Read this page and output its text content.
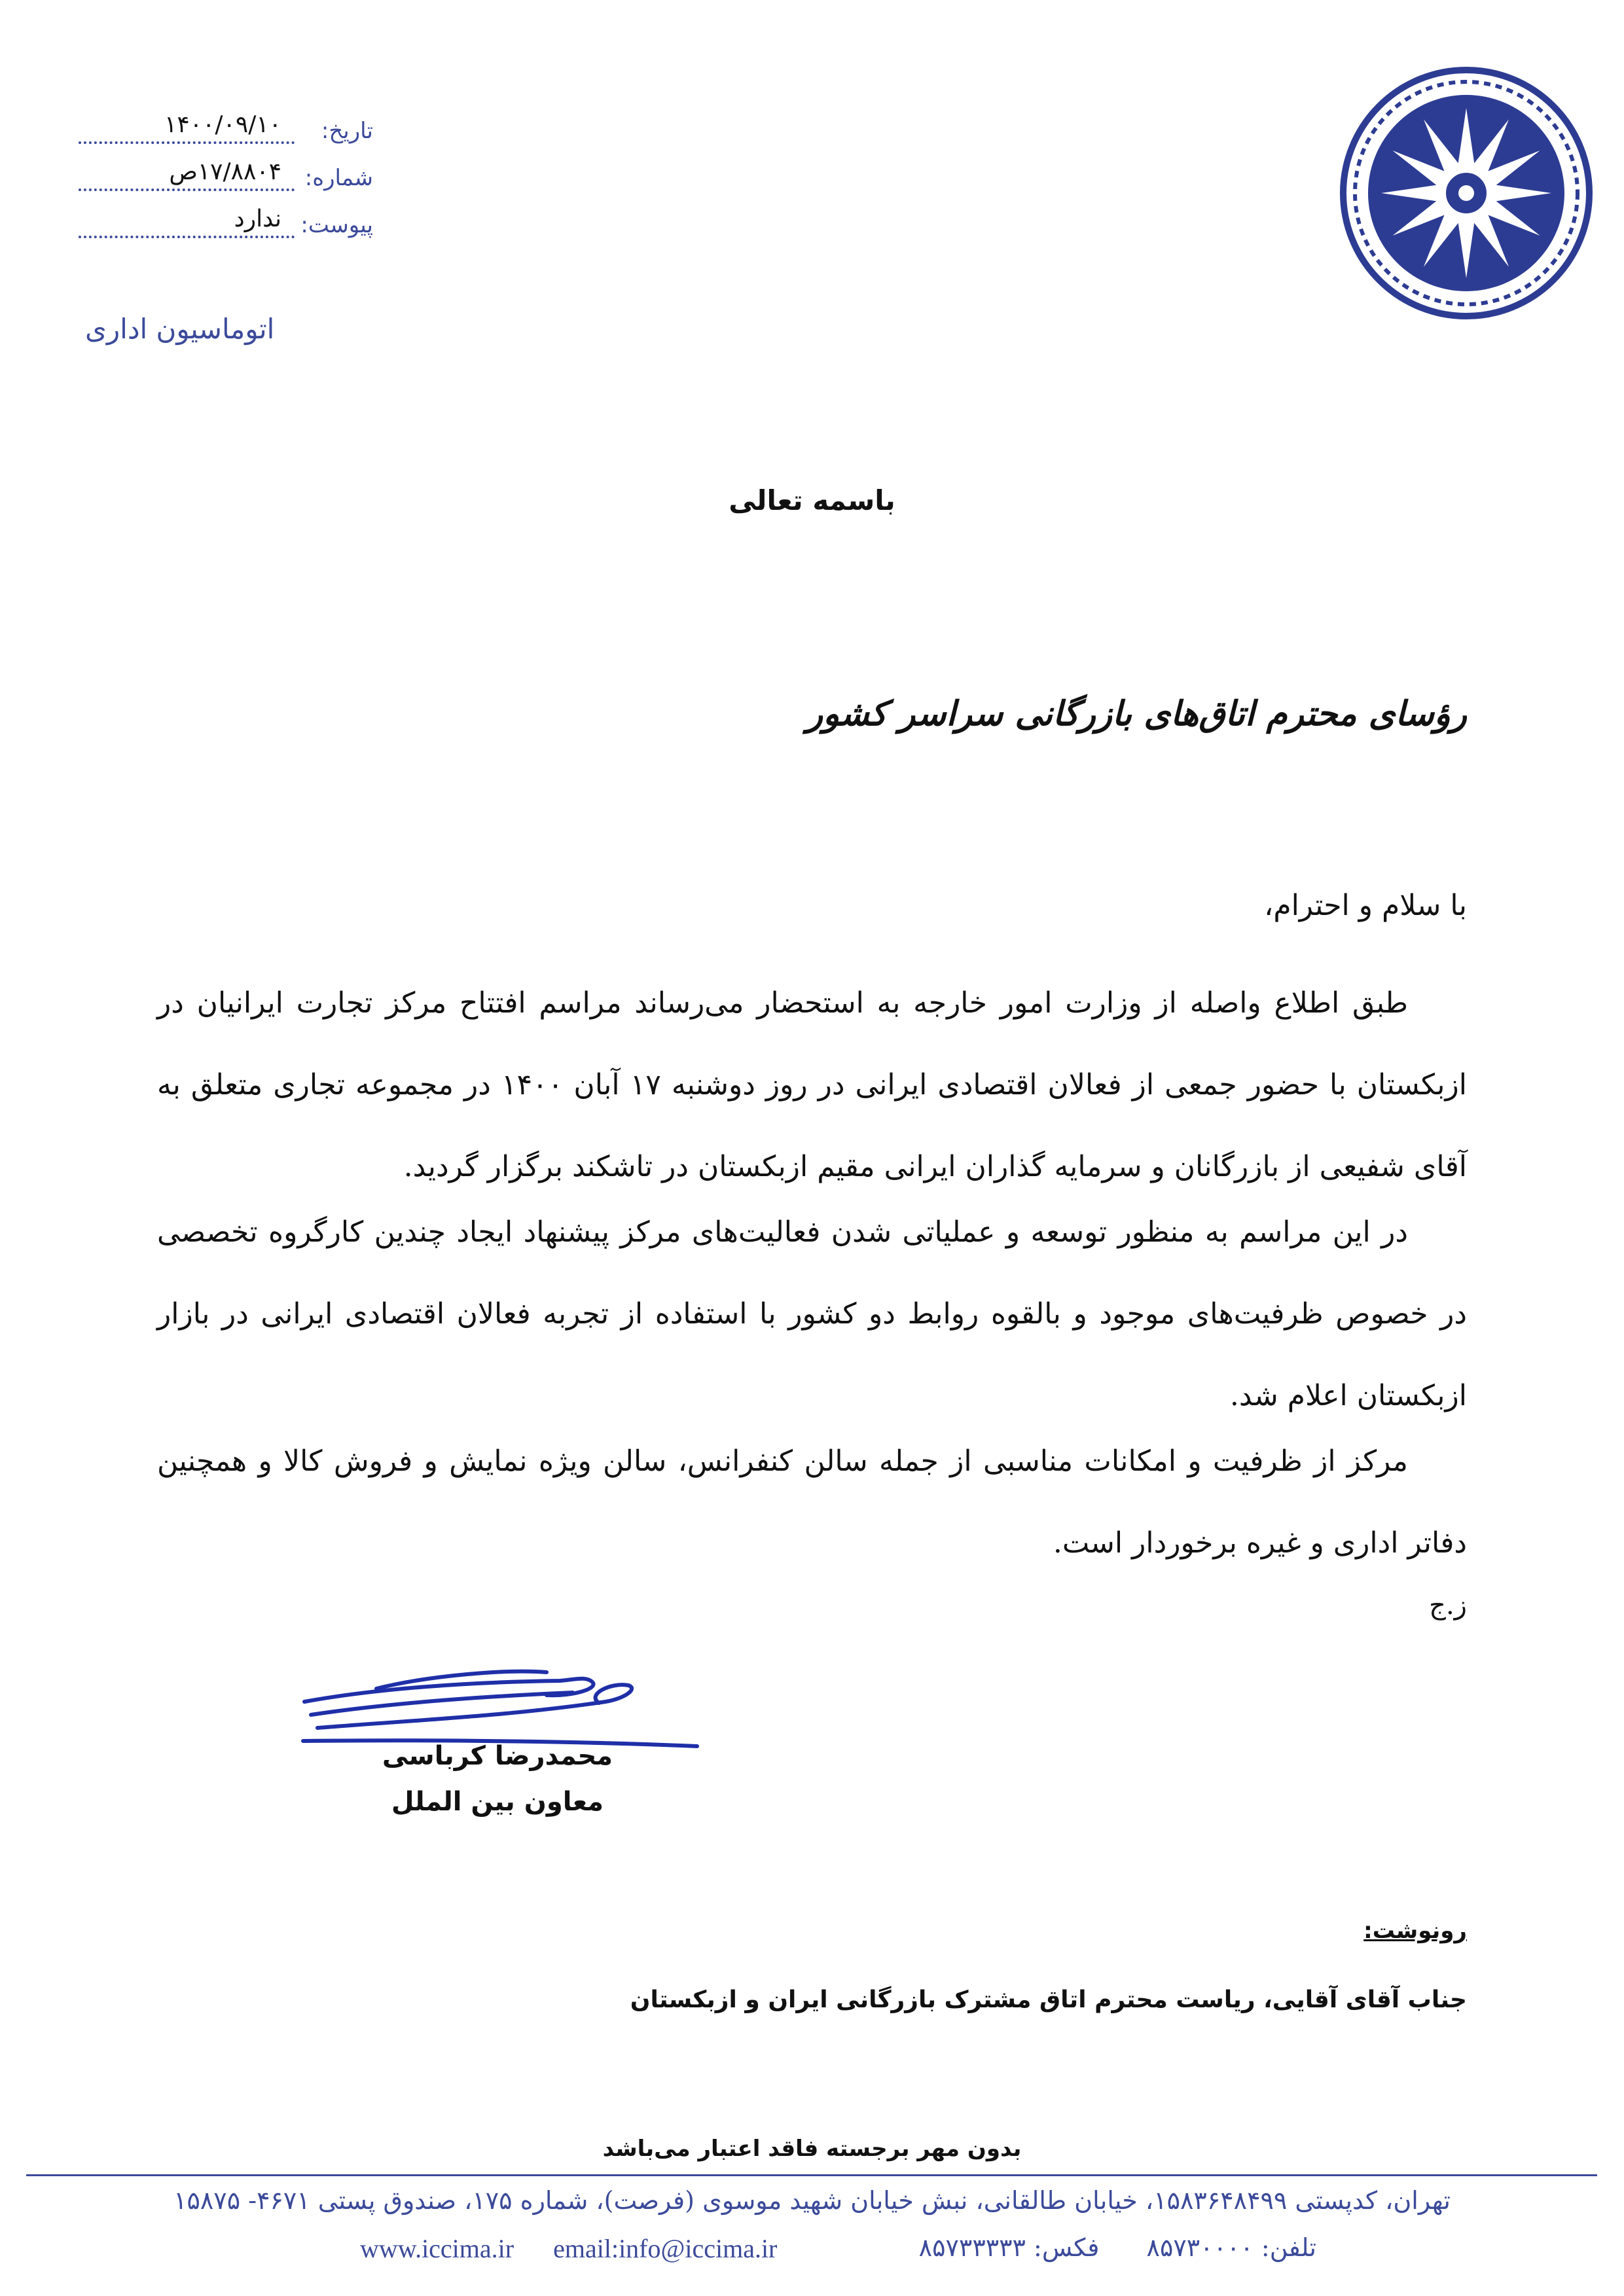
تاریخ:
۱۴۰۰/۰۹/۱۰
شماره:
۱۷/۸۸۰۴ص
پیوست:
ندارد
اتوماسیون اداری
باسمه تعالی
رؤسای محترم اتاق‌های بازرگانی سراسر کشور
با سلام و احترام،
طبق اطلاع واصله از وزارت امور خارجه به استحضار می‌رساند مراسم افتتاح مرکز تجارت ایرانیان در
ازبکستان با حضور جمعی از فعالان اقتصادی ایرانی در روز دوشنبه ۱۷ آبان ۱۴۰۰ در مجموعه تجاری متعلق به
آقای شفیعی از بازرگانان و سرمایه گذاران ایرانی مقیم ازبکستان در تاشکند برگزار گردید.
در این مراسم به منظور توسعه و عملیاتی شدن فعالیت‌های مرکز پیشنهاد ایجاد چندین کارگروه تخصصی
در خصوص ظرفیت‌های موجود و بالقوه روابط دو کشور با استفاده از تجربه فعالان اقتصادی ایرانی در بازار
ازبکستان اعلام شد.
مرکز از ظرفیت و امکانات مناسبی از جمله سالن کنفرانس، سالن ویژه نمایش و فروش کالا و همچنین
دفاتر اداری و غیره برخوردار است.
ز.ج
محمدرضا کرباسی
معاون بین الملل
رونوشت:
جناب آقای آقایی، ریاست محترم اتاق مشترک بازرگانی ایران و ازبکستان
بدون مهر برجسته فاقد اعتبار می‌باشد
تهران، کدپستی ۱۵۸۳۶۴۸۴۹۹، خیابان طالقانی، نبش خیابان شهید موسوی (فرصت)، شماره ۱۷۵، صندوق پستی ۴۶۷۱- ۱۵۸۷۵
تلفن: ۸۵۷۳۰۰۰۰ فکس: ۸۵۷۳۳۳۳۳
www.iccima.ir email:info@iccima.ir
